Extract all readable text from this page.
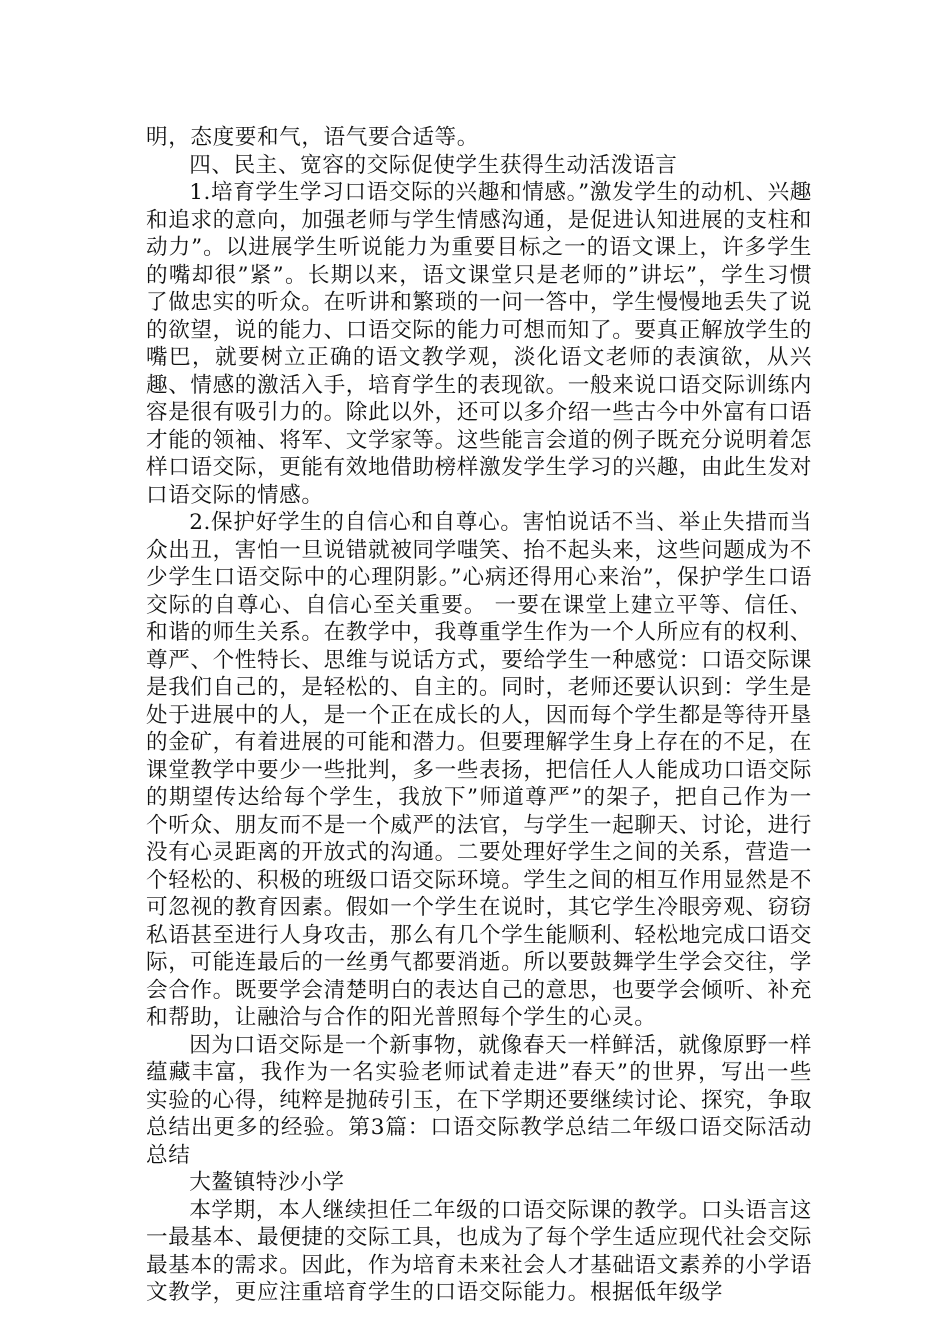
明，态度要和气，语气要合适等。

四、民主、宽容的交际促使学生获得生动活泼语言

1.培育学生学习口语交际的兴趣和情感。”激发学生的动机、兴趣和追求的意向，加强老师与学生情感沟通，是促进认知进展的支柱和动力”。以进展学生听说能力为重要目标之一的语文课上，许多学生的嘴却很”紧”。长期以来，语文课堂只是老师的”讲坛”，学生习惯了做忠实的听众。在听讲和繁琐的一问一答中，学生慢慢地丢失了说的欲望，说的能力、口语交际的能力可想而知了。要真正解放学生的嘴巴，就要树立正确的语文教学观，淡化语文老师的表演欲，从兴趣、情感的激活入手，培育学生的表现欲。一般来说口语交际训练内容是很有吸引力的。除此以外，还可以多介绍一些古今中外富有口语才能的领袖、将军、文学家等。这些能言会道的例子既充分说明着怎样口语交际，更能有效地借助榜样激发学生学习的兴趣，由此生发对口语交际的情感。

2.保护好学生的自信心和自尊心。害怕说话不当、举止失措而当众出丑，害怕一旦说错就被同学嗤笑、抬不起头来，这些问题成为不少学生口语交际中的心理阴影。”心病还得用心来治”，保护学生口语交际的自尊心、自信心至关重要。 一要在课堂上建立平等、信任、和谐的师生关系。在教学中，我尊重学生作为一个人所应有的权利、尊严、个性特长、思维与说话方式，要给学生一种感觉：口语交际课是我们自己的，是轻松的、自主的。同时，老师还要认识到：学生是处于进展中的人，是一个正在成长的人，因而每个学生都是等待开垦的金矿，有着进展的可能和潜力。但要理解学生身上存在的不足，在课堂教学中要少一些批判，多一些表扬，把信任人人能成功口语交际的期望传达给每个学生，我放下”师道尊严”的架子，把自己作为一个听众、朋友而不是一个威严的法官，与学生一起聊天、讨论，进行没有心灵距离的开放式的沟通。二要处理好学生之间的关系，营造一个轻松的、积极的班级口语交际环境。学生之间的相互作用显然是不可忽视的教育因素。假如一个学生在说时，其它学生冷眼旁观、窃窃私语甚至进行人身攻击，那么有几个学生能顺利、轻松地完成口语交际，可能连最后的一丝勇气都要消逝。所以要鼓舞学生学会交往，学会合作。既要学会清楚明白的表达自己的意思，也要学会倾听、补充和帮助，让融洽与合作的阳光普照每个学生的心灵。

因为口语交际是一个新事物，就像春天一样鲜活，就像原野一样蕴藏丰富，我作为一名实验老师试着走进”春天”的世界，写出一些实验的心得，纯粹是抛砖引玉，在下学期还要继续讨论、探究，争取总结出更多的经验。第3篇：口语交际教学总结二年级口语交际活动总结

大鳌镇特沙小学

本学期，本人继续担任二年级的口语交际课的教学。口头语言这一最基本、最便捷的交际工具，也成为了每个学生适应现代社会交际最基本的需求。因此，作为培育未来社会人才基础语文素养的小学语文教学，更应注重培育学生的口语交际能力。根据低年级学
